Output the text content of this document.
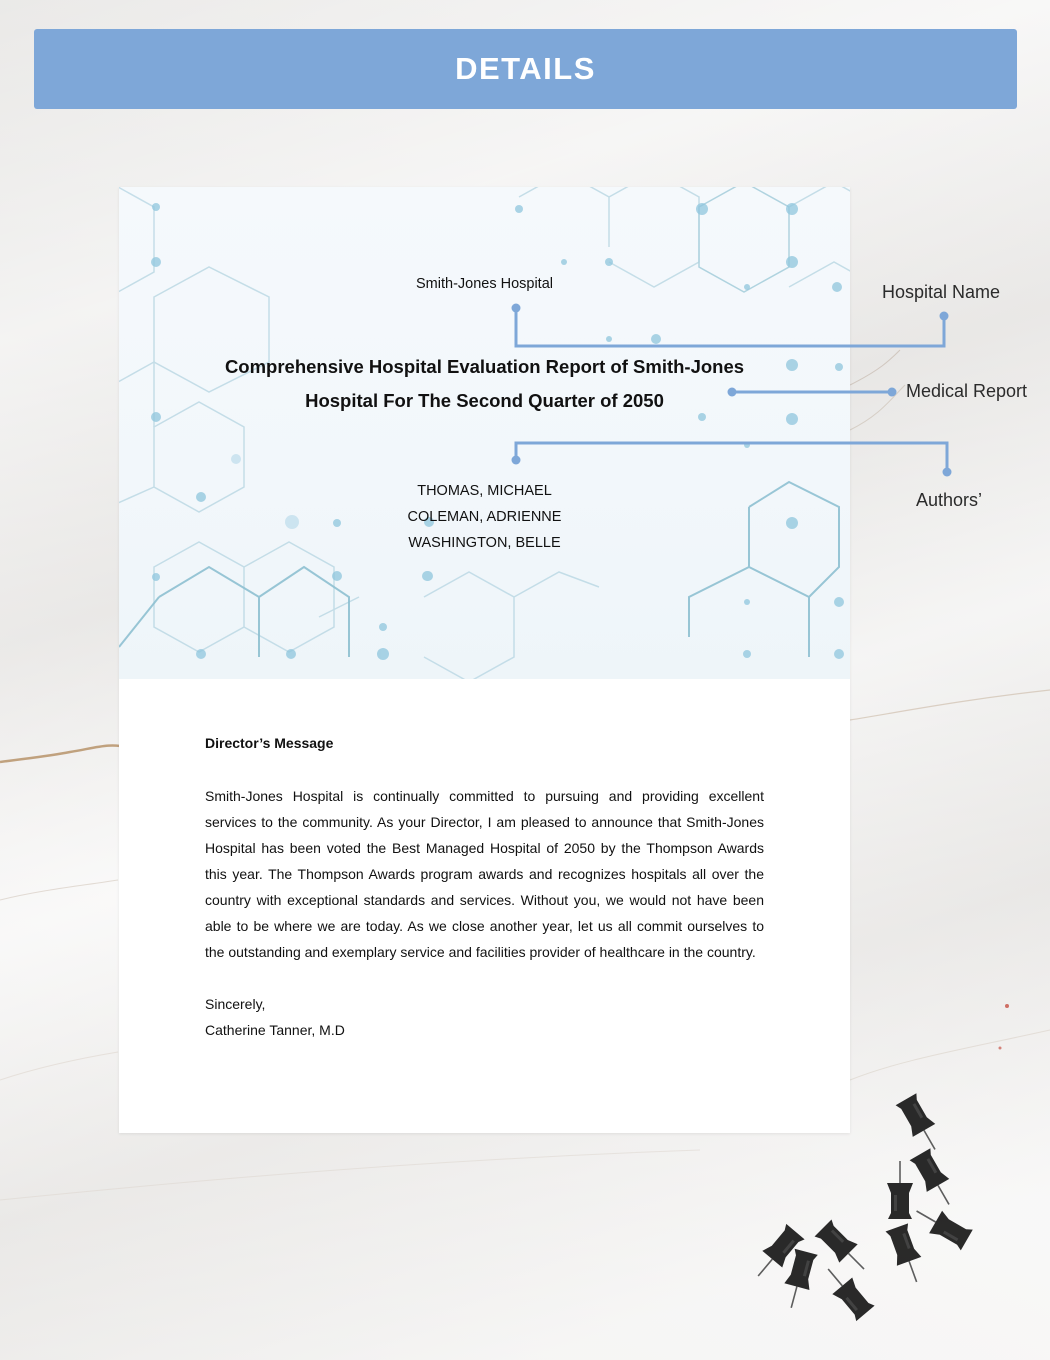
DETAILS
Smith-Jones Hospital
Comprehensive Hospital Evaluation Report of Smith-Jones
Hospital For The Second Quarter of 2050
THOMAS, MICHAEL
COLEMAN, ADRIENNE
WASHINGTON, BELLE
Director’s Message

Smith-Jones Hospital is continually committed to pursuing and providing excellent services to the community. As your Director, I am pleased to announce that Smith-Jones Hospital has been voted the Best Managed Hospital of 2050 by the Thompson Awards this year. The Thompson Awards program awards and recognizes hospitals all over the country with exceptional standards and services. Without you, we would not have been able to be where we are today. As we close another year, let us all commit ourselves to the outstanding and exemplary service and facilities provider of healthcare in the country.

Sincerely,
Catherine Tanner, M.D
Hospital Name
Medical Report
Authors’
